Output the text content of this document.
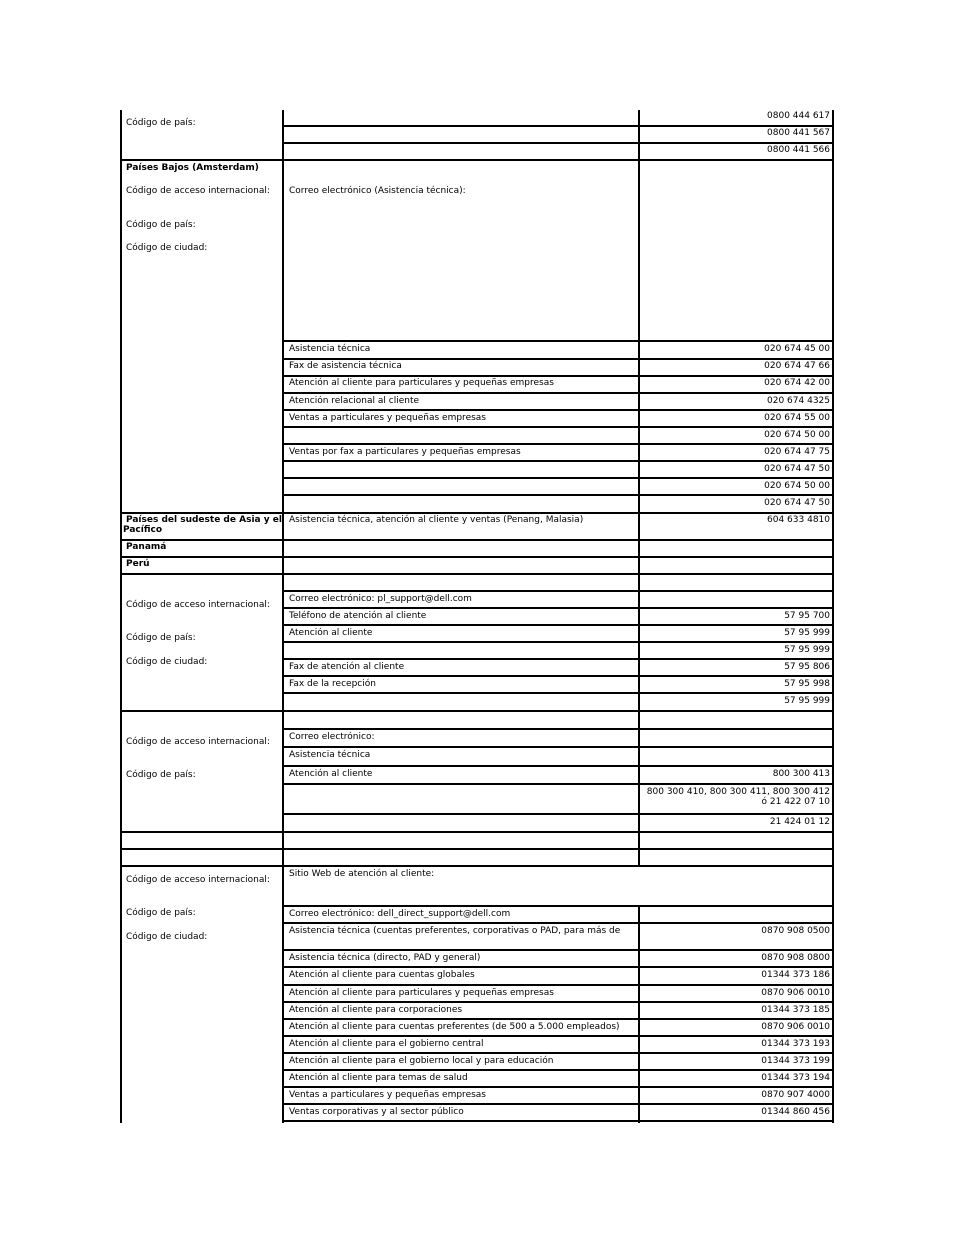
Código de país:
Países Bajos (Amsterdam)
Código de acceso internacional:
Código de país:
Código de ciudad:
Países del sudeste de Asia y el
Pacífico
Panamá
Perú
Código de acceso internacional:
Código de país:
Código de ciudad:
Código de acceso internacional:
Código de país:
Código de acceso internacional:
Código de país:
Código de ciudad:
Correo electrónico (Asistencia técnica):
Asistencia técnica
Fax de asistencia técnica
Atención al cliente para particulares y pequeñas empresas
Atención relacional al cliente
Ventas a particulares y pequeñas empresas
Ventas por fax a particulares y pequeñas empresas
Asistencia técnica, atención al cliente y ventas (Penang, Malasia)
Correo electrónico: pl_support@dell.com
Teléfono de atención al cliente
Atención al cliente
Fax de atención al cliente
Fax de la recepción
Correo electrónico:
Asistencia técnica
Atención al cliente
Sitio Web de atención al cliente:
Correo electrónico: dell_direct_support@dell.com
Asistencia técnica (cuentas preferentes, corporativas o PAD, para más de
Asistencia técnica (directo, PAD y general)
Atención al cliente para cuentas globales
Atención al cliente para particulares y pequeñas empresas
Atención al cliente para corporaciones
Atención al cliente para cuentas preferentes (de 500 a 5.000 empleados)
Atención al cliente para el gobierno central
Atención al cliente para el gobierno local y para educación
Atención al cliente para temas de salud
Ventas a particulares y pequeñas empresas
Ventas corporativas y al sector público
0800 444 617
0800 441 567
0800 441 566
020 674 45 00
020 674 47 66
020 674 42 00
020 674 4325
020 674 55 00
020 674 50 00
020 674 47 75
020 674 47 50
020 674 50 00
020 674 47 50
604 633 4810
57 95 700
57 95 999
57 95 999
57 95 806
57 95 998
57 95 999
800 300 413
800 300 410, 800 300 411, 800 300 412
ó 21 422 07 10
21 424 01 12
0870 908 0500
0870 908 0800
01344 373 186
0870 906 0010
01344 373 185
0870 906 0010
01344 373 193
01344 373 199
01344 373 194
0870 907 4000
01344 860 456
